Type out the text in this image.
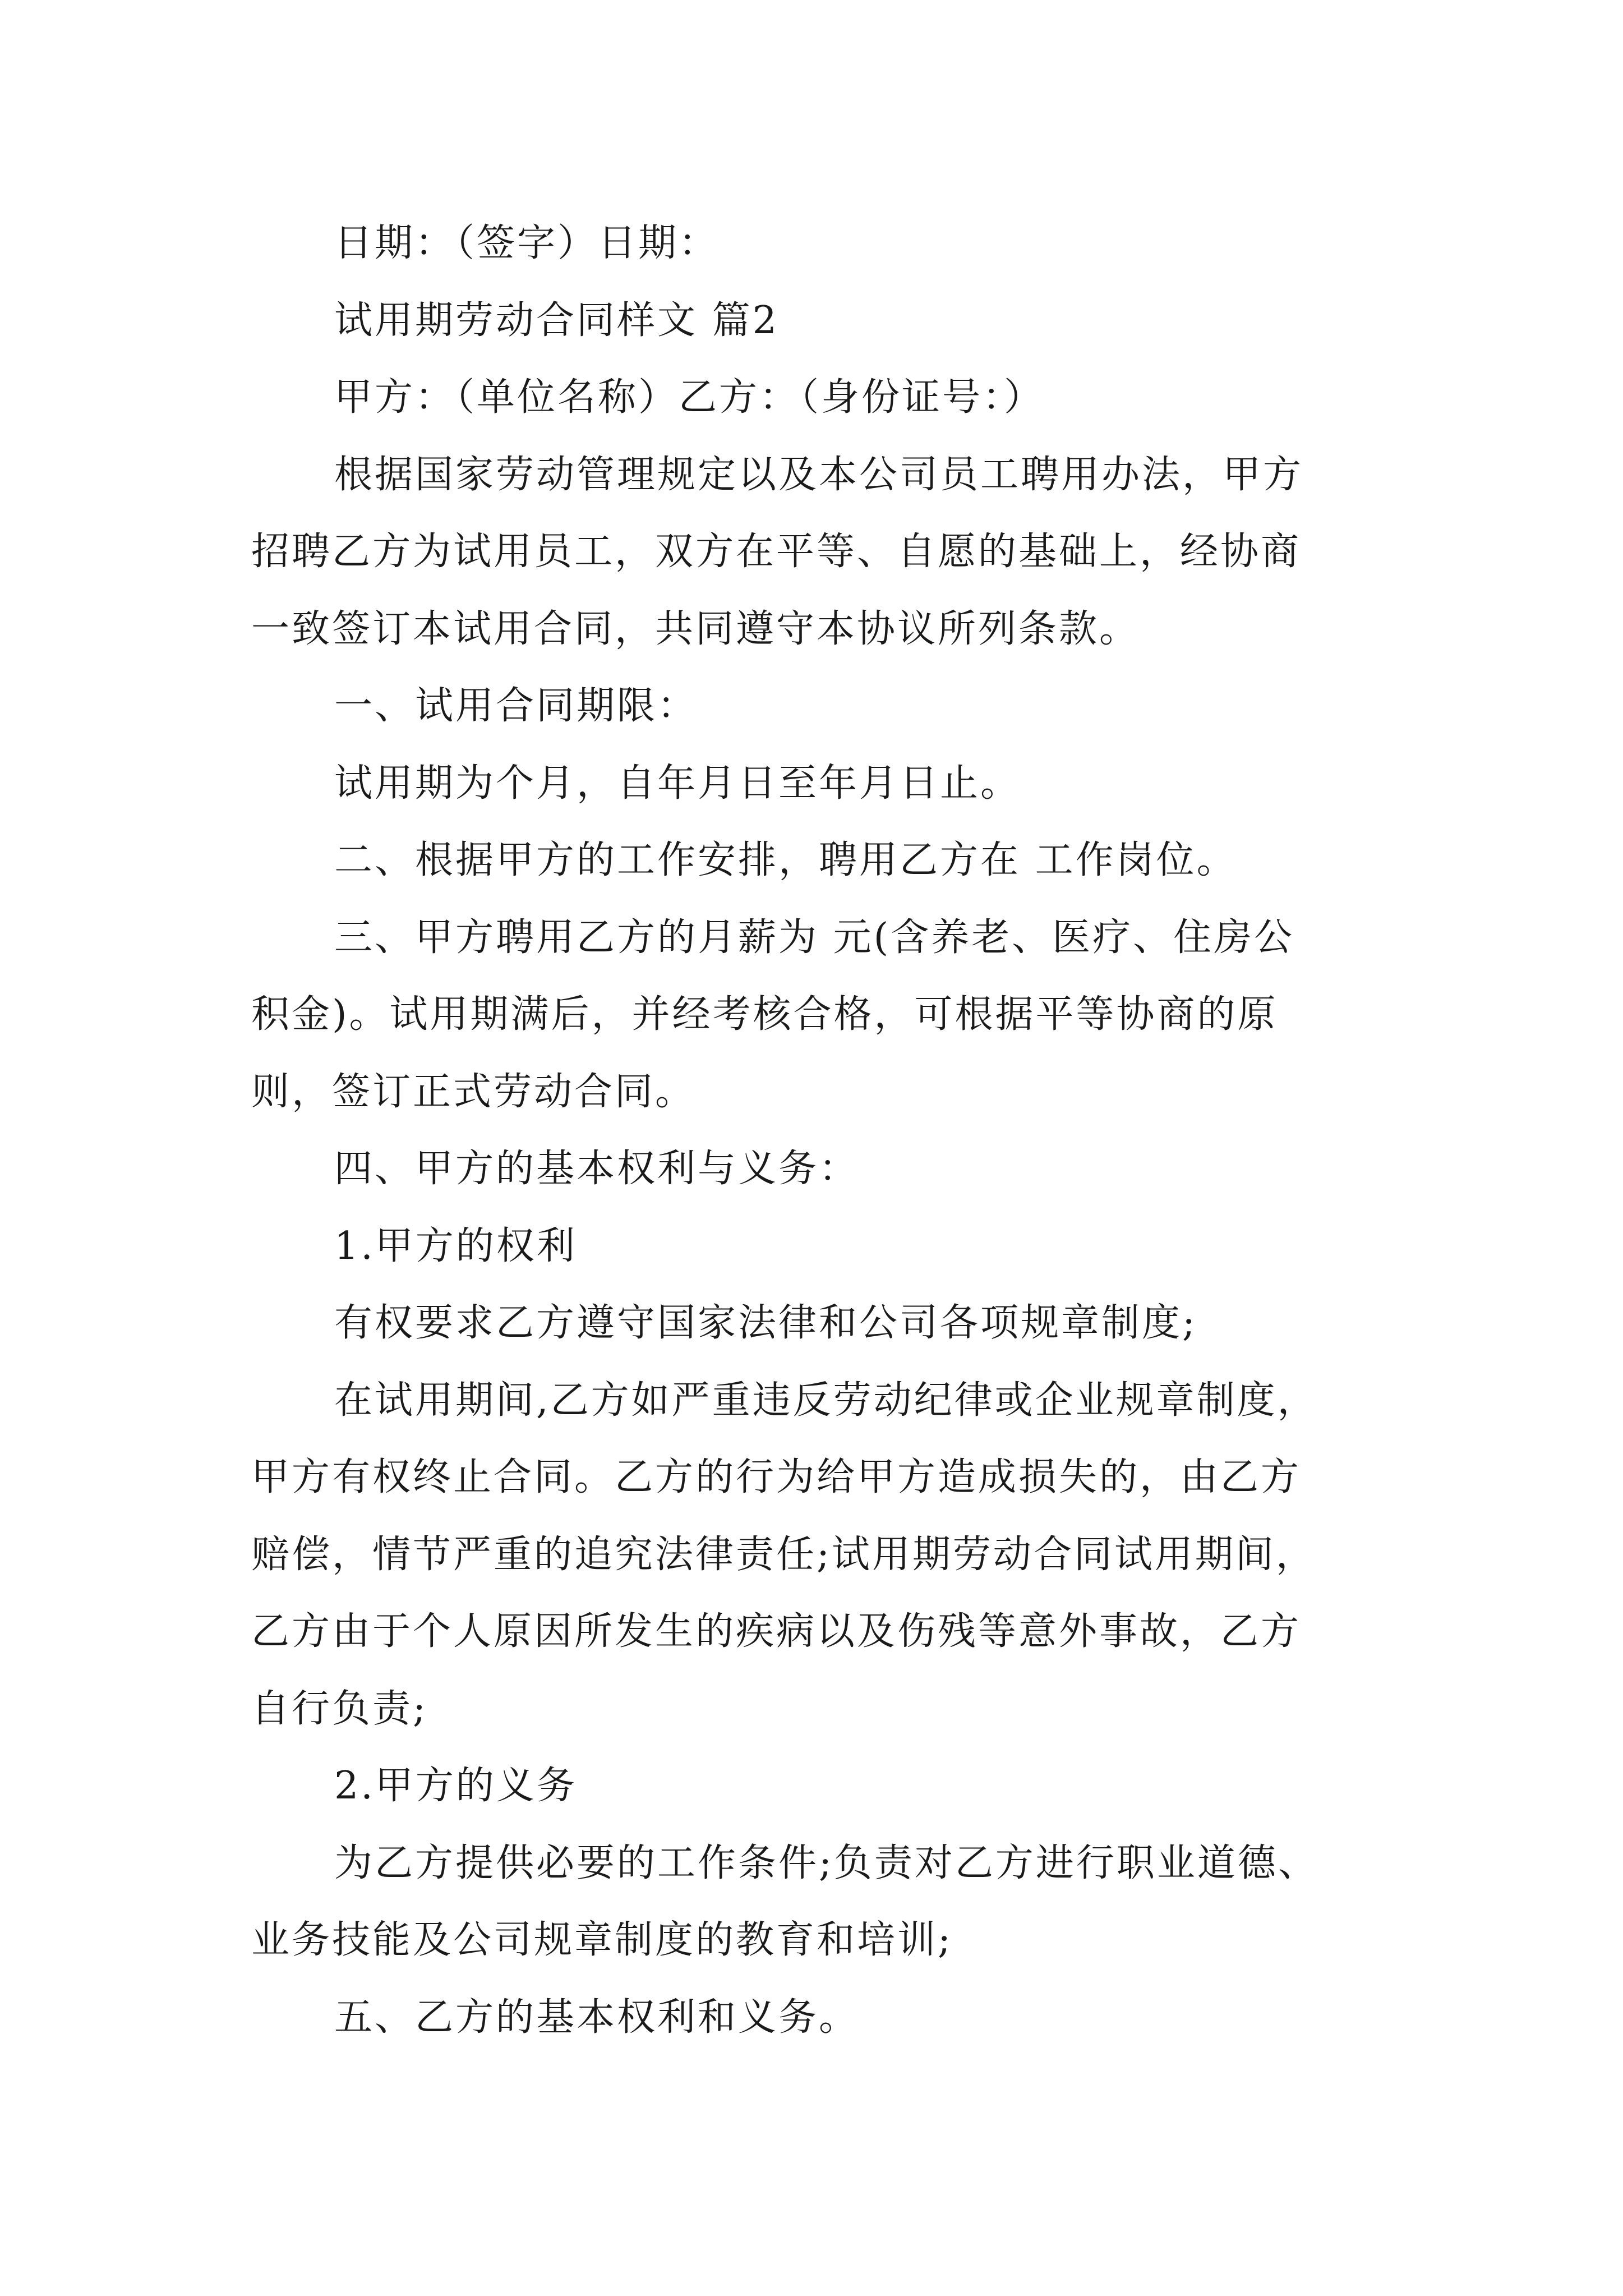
日期：（签字）日期：
试用期劳动合同样文 篇2
甲方：（单位名称）乙方：（身份证号：）
根据国家劳动管理规定以及本公司员工聘用办法，甲方
招聘乙方为试用员工，双方在平等、自愿的基础上，经协商
一致签订本试用合同，共同遵守本协议所列条款。
一、试用合同期限：
试用期为个月，自年月日至年月日止。
二、根据甲方的工作安排，聘用乙方在 工作岗位。
三、甲方聘用乙方的月薪为 元(含养老、医疗、住房公
积金)。试用期满后，并经考核合格，可根据平等协商的原
则，签订正式劳动合同。
四、甲方的基本权利与义务：
1.甲方的权利
有权要求乙方遵守国家法律和公司各项规章制度;
在试用期间,乙方如严重违反劳动纪律或企业规章制度，
甲方有权终止合同。乙方的行为给甲方造成损失的，由乙方
赔偿，情节严重的追究法律责任;试用期劳动合同试用期间，
乙方由于个人原因所发生的疾病以及伤残等意外事故，乙方
自行负责;
2.甲方的义务
为乙方提供必要的工作条件;负责对乙方进行职业道德、
业务技能及公司规章制度的教育和培训;
五、乙方的基本权利和义务。
